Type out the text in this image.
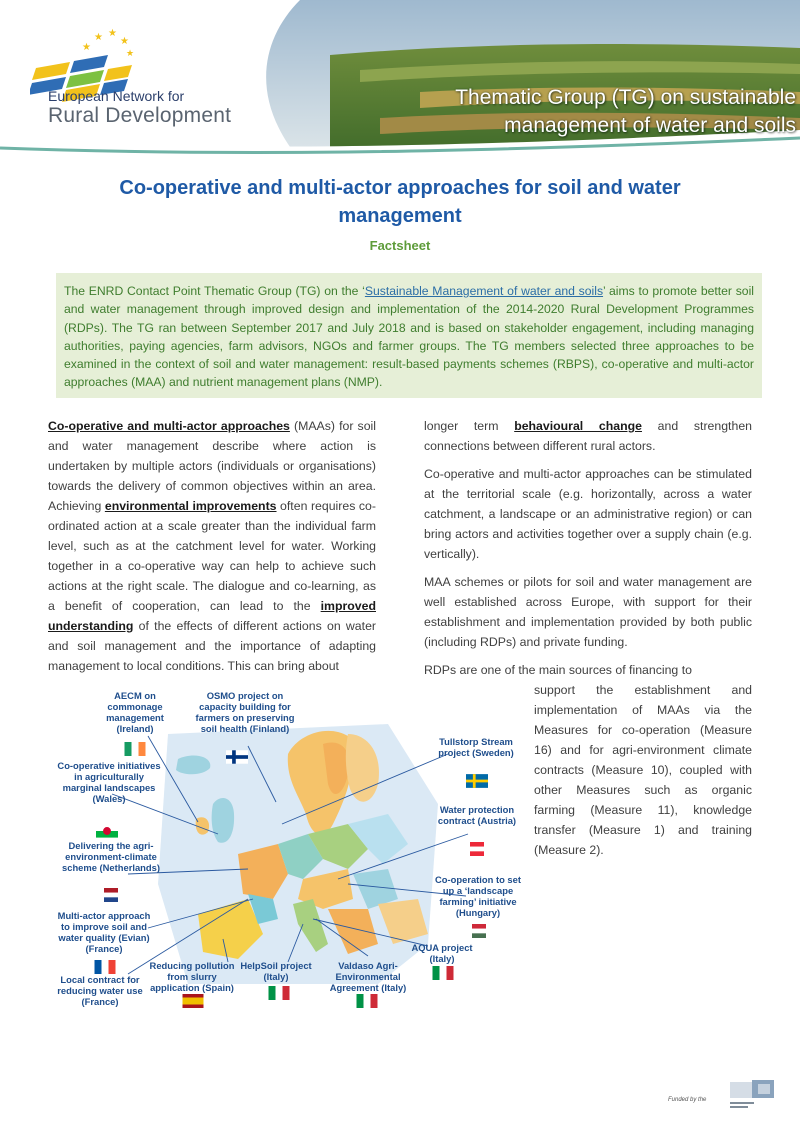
★
★ ★
★
★
European Network for
Rural Development
Thematic Group (TG) on sustainable
management of water and soils
Co-operative and multi-actor approaches for soil and water
management
Factsheet
The ENRD Contact Point Thematic Group (TG) on the ‘Sustainable Management of water and soils’ aims to promote better soil and water management through improved design and implementation of the 2014-2020 Rural Development Programmes (RDPs). The TG ran between September 2017 and July 2018 and is based on stakeholder engagement, including managing authorities, paying agencies, farm advisors, NGOs and farmer groups. The TG members selected three approaches to be examined in the context of soil and water management: result-based payments schemes (RBPS), co-operative and multi-actor approaches (MAA) and nutrient management plans (NMP).

Co-operative and multi-actor approaches (MAAs) for soil and water management describe where action is undertaken by multiple actors (individuals or organisations) towards the delivery of common objectives within an area. Achieving environmental improvements often requires co-ordinated action at a scale greater than the individual farm level, such as at the catchment level for water. Working together in a co-operative way can help to achieve such actions at the right scale. The dialogue and co-learning, as a benefit of cooperation, can lead to the improved understanding of the effects of different actions on water and soil management and the importance of adapting management to local conditions. This can bring about

longer term behavioural change and strengthen connections between different rural actors.

Co-operative and multi-actor approaches can be stimulated at the territorial scale (e.g. horizontally, across a water catchment, a landscape or an administrative region) or can bring actors and activities together over a supply chain (e.g. vertically).

MAA schemes or pilots for soil and water management are well established across Europe, with support for their establishment and implementation provided by both public (including RDPs) and private funding.

RDPs are one of the main sources of financing to

support the establishment and implementation of MAAs via the Measures for co-operation (Measure 16) and for agri-environment climate contracts (Measure 10), coupled with other Measures such as organic farming (Measure 11), knowledge transfer (Measure 1) and training (Measure 2).
AECM on commonage management (Ireland)
OSMO project on capacity building for farmers on preserving soil health (Finland)
Tullstorp Stream project (Sweden)
Co-operative initiatives in agriculturally marginal landscapes (Wales)
Water protection contract (Austria)
Delivering the agri-environment-climate scheme (Netherlands)
Co-operation to set up a ‘landscape farming’ initiative (Hungary)
Multi-actor approach to improve soil and water quality (Evian) (France)	AQUA project (Italy)
Local contract for reducing water use (France)
Reducing pollution from slurry application (Spain)
HelpSoil project (Italy)
Valdaso Agri-Environmental Agreement (Italy)
Funded by the
